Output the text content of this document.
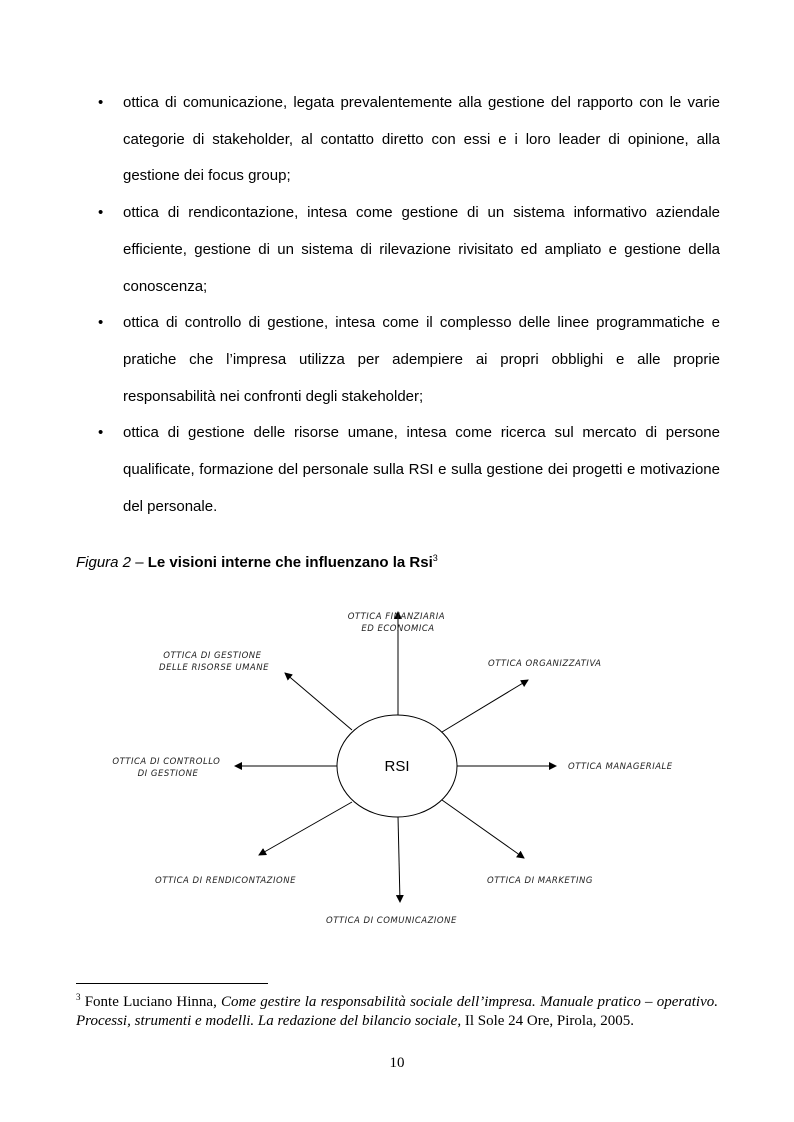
• ottica di comunicazione, legata prevalentemente alla gestione del rapporto con le varie categorie di stakeholder, al contatto diretto con essi e i loro leader di opinione, alla gestione dei focus group;
• ottica di rendicontazione, intesa come gestione di un sistema informativo aziendale efficiente, gestione di un sistema di rilevazione rivisitato ed ampliato e gestione della conoscenza;
• ottica di controllo di gestione, intesa come il complesso delle linee programmatiche e pratiche che l’impresa utilizza per adempiere ai propri obblighi e alle proprie responsabilità nei confronti degli stakeholder;
• ottica di gestione delle risorse umane, intesa come ricerca sul mercato di persone qualificate, formazione del personale sulla RSI e sulla gestione dei progetti e motivazione del personale.
Figura 2 – Le visioni interne che influenzano la Rsi$^3$
RSI
OTTICA FINANZIARIA ED ECONOMICA
OTTICA ORGANIZZATIVA
OTTICA MANAGERIALE
OTTICA DI MARKETING
OTTICA DI COMUNICAZIONE
OTTICA DI RENDICONTAZIONE
OTTICA DI CONTROLLO DI GESTIONE
OTTICA DI GESTIONE DELLE RISORSE UMANE
$^3$ Fonte Luciano Hinna, Come gestire la responsabilità sociale dell’impresa. Manuale pratico – operativo. Processi, strumenti e modelli. La redazione del bilancio sociale, Il Sole 24 Ore, Pirola, 2005.
10
